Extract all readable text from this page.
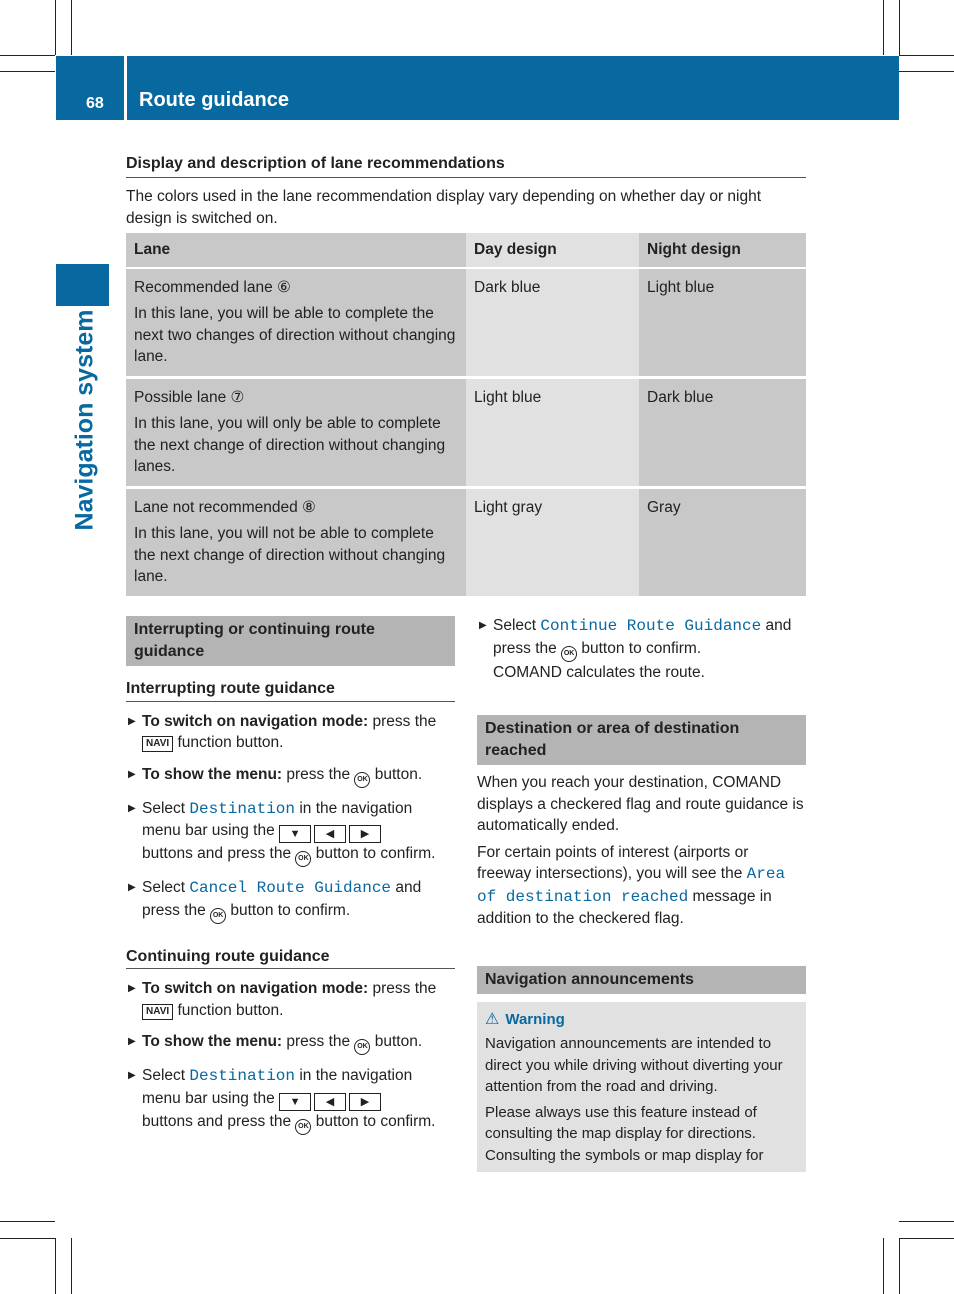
68 Route guidance
Navigation system
Display and description of lane recommendations
The colors used in the lane recommendation display vary depending on whether day or night design is switched on.
Lane	Day design	Night design

Recommended lane ⑥

In this lane, you will be able to complete the next two changes of direction without changing lane.	Dark blue	Light blue

Possible lane ⑦

In this lane, you will only be able to complete the next change of direction without changing lanes.	Light blue	Dark blue

Lane not recommended ⑧

In this lane, you will not be able to complete the next change of direction without changing lane.	Light gray	Gray
Interrupting or continuing route guidance
Interrupting route guidance
▶ To switch on navigation mode: press the NAVI function button.
▶ To show the menu: press the OK button.
▶ Select Destination in the navigation menu bar using the ▼ ◀ ▶
buttons and press the OK button to confirm.
▶ Select Cancel Route Guidance and press the OK button to confirm.
Continuing route guidance
▶ To switch on navigation mode: press the NAVI function button.
▶ To show the menu: press the OK button.
▶ Select Destination in the navigation menu bar using the ▼ ◀ ▶
buttons and press the OK button to confirm.
▶ Select Continue Route Guidance and press the OK button to confirm.
COMAND calculates the route.
Destination or area of destination reached

When you reach your destination, COMAND displays a checkered flag and route guidance is automatically ended.

For certain points of interest (airports or freeway intersections), you will see the Area of destination reached message in addition to the checkered flag.

Navigation announcements
⚠ Warning

Navigation announcements are intended to direct you while driving without diverting your attention from the road and driving.

Please always use this feature instead of consulting the map display for directions. Consulting the symbols or map display for
